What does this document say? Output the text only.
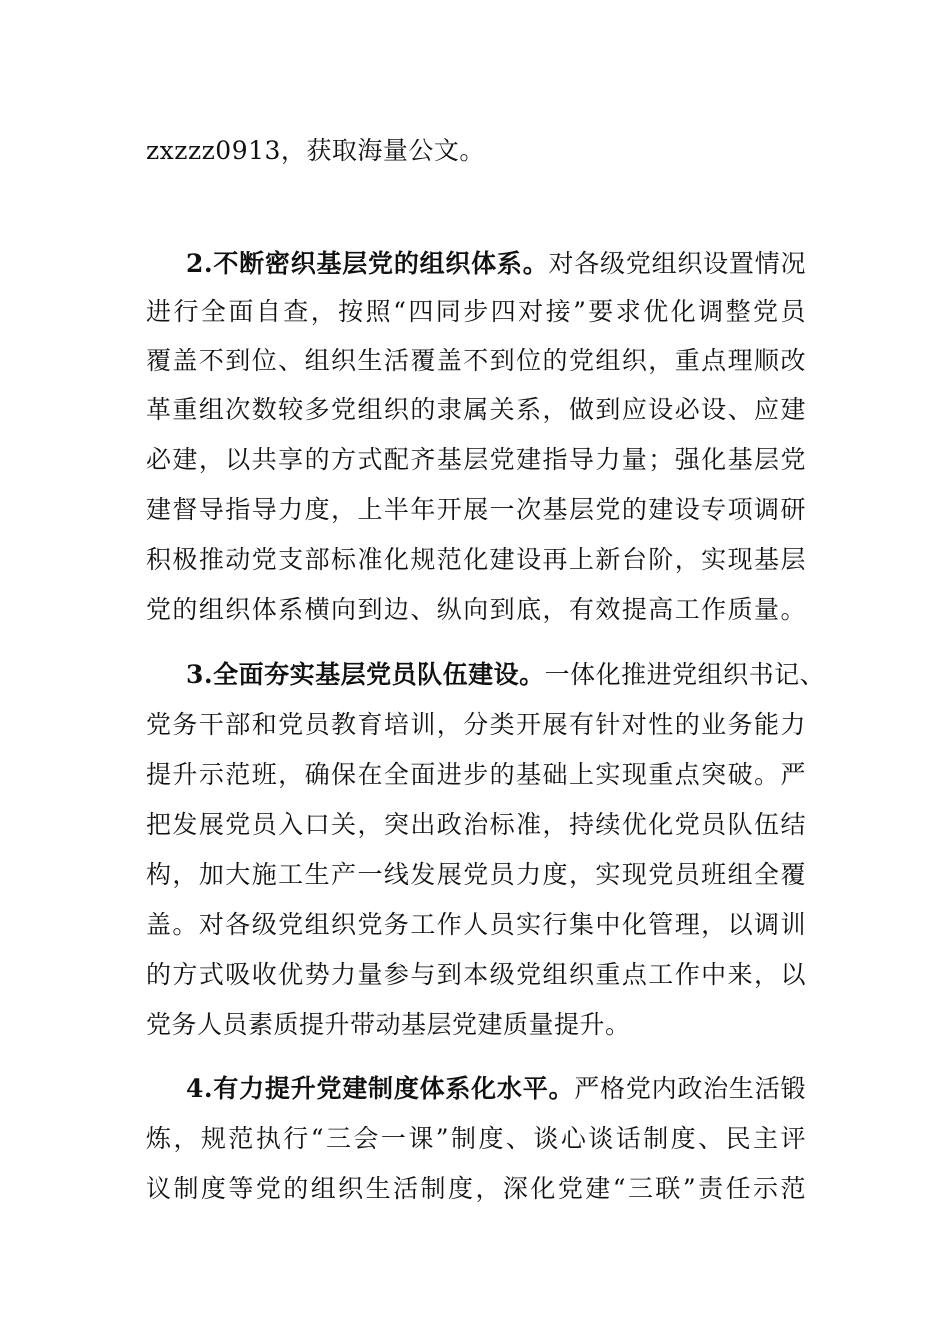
zxzzz0913，获取海量公文。
2.不断密织基层党的组织体系。对各级党组织设置情况
进行全面自查，按照“四同步四对接”要求优化调整党员
覆盖不到位、组织生活覆盖不到位的党组织，重点理顺改
革重组次数较多党组织的隶属关系，做到应设必设、应建
必建，以共享的方式配齐基层党建指导力量；强化基层党
建督导指导力度，上半年开展一次基层党的建设专项调研
积极推动党支部标准化规范化建设再上新台阶，实现基层
党的组织体系横向到边、纵向到底，有效提高工作质量。
3.全面夯实基层党员队伍建设。一体化推进党组织书记、
党务干部和党员教育培训，分类开展有针对性的业务能力
提升示范班，确保在全面进步的基础上实现重点突破。严
把发展党员入口关，突出政治标准，持续优化党员队伍结
构，加大施工生产一线发展党员力度，实现党员班组全覆
盖。对各级党组织党务工作人员实行集中化管理，以调训
的方式吸收优势力量参与到本级党组织重点工作中来，以
党务人员素质提升带动基层党建质量提升。
4.有力提升党建制度体系化水平。严格党内政治生活锻
炼，规范执行“三会一课”制度、谈心谈话制度、民主评
议制度等党的组织生活制度，深化党建“三联”责任示范
